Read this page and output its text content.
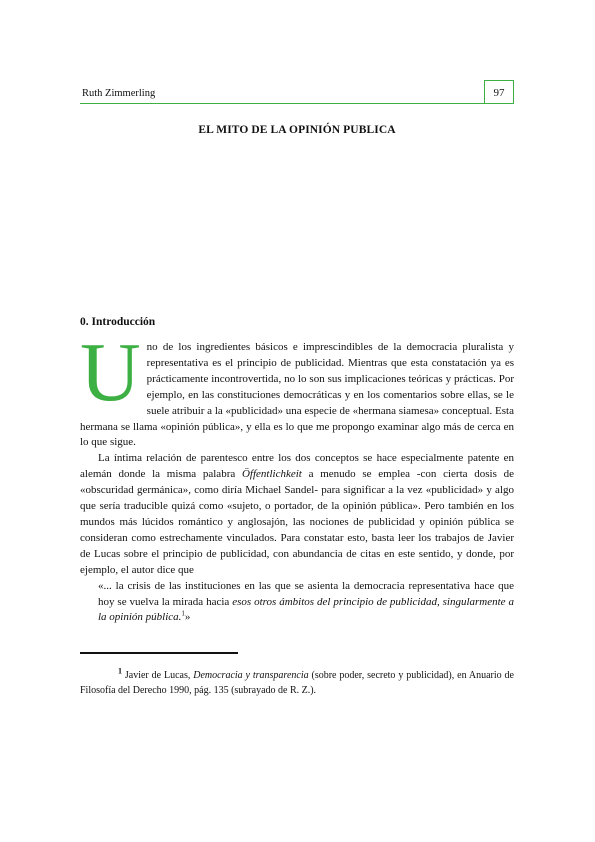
Ruth Zimmerling	97
EL MITO DE LA OPINIÓN PUBLICA
0. Introducción

Uno de los ingredientes básicos e imprescindibles de la democracia pluralista y representativa es el principio de publicidad. Mientras que esta constatación ya es prácticamente incontrovertida, no lo son sus implicaciones teóricas y prácticas. Por ejemplo, en las constituciones democráticas y en los comentarios sobre ellas, se le suele atribuir a la «publicidad» una especie de «hermana siamesa» conceptual. Esta hermana se llama «opinión pública», y ella es lo que me propongo examinar algo más de cerca en lo que sigue.

La íntima relación de parentesco entre los dos conceptos se hace especialmente patente en alemán donde la misma palabra Öffentlichkeit a menudo se emplea -con cierta dosis de «obscuridad germánica», como diría Michael Sandel- para significar a la vez «publicidad» y algo que sería traducible quizá como «sujeto, o portador, de la opinión pública». Pero también en los mundos más lúcidos romántico y anglosajón, las nociones de publicidad y opinión pública se consideran como estrechamente vinculados. Para constatar esto, basta leer los trabajos de Javier de Lucas sobre el principio de publicidad, con abundancia de citas en este sentido, y donde, por ejemplo, el autor dice que

«... la crisis de las instituciones en las que se asienta la democracia representativa hace que hoy se vuelva la mirada hacia esos otros ámbitos del principio de publicidad, singularmente a la opinión pública.$^1$»

$^1$ Javier de Lucas, Democracia y transparencia (sobre poder, secreto y publicidad), en Anuario de Filosofía del Derecho 1990, pág. 135 (subrayado de R. Z.).
